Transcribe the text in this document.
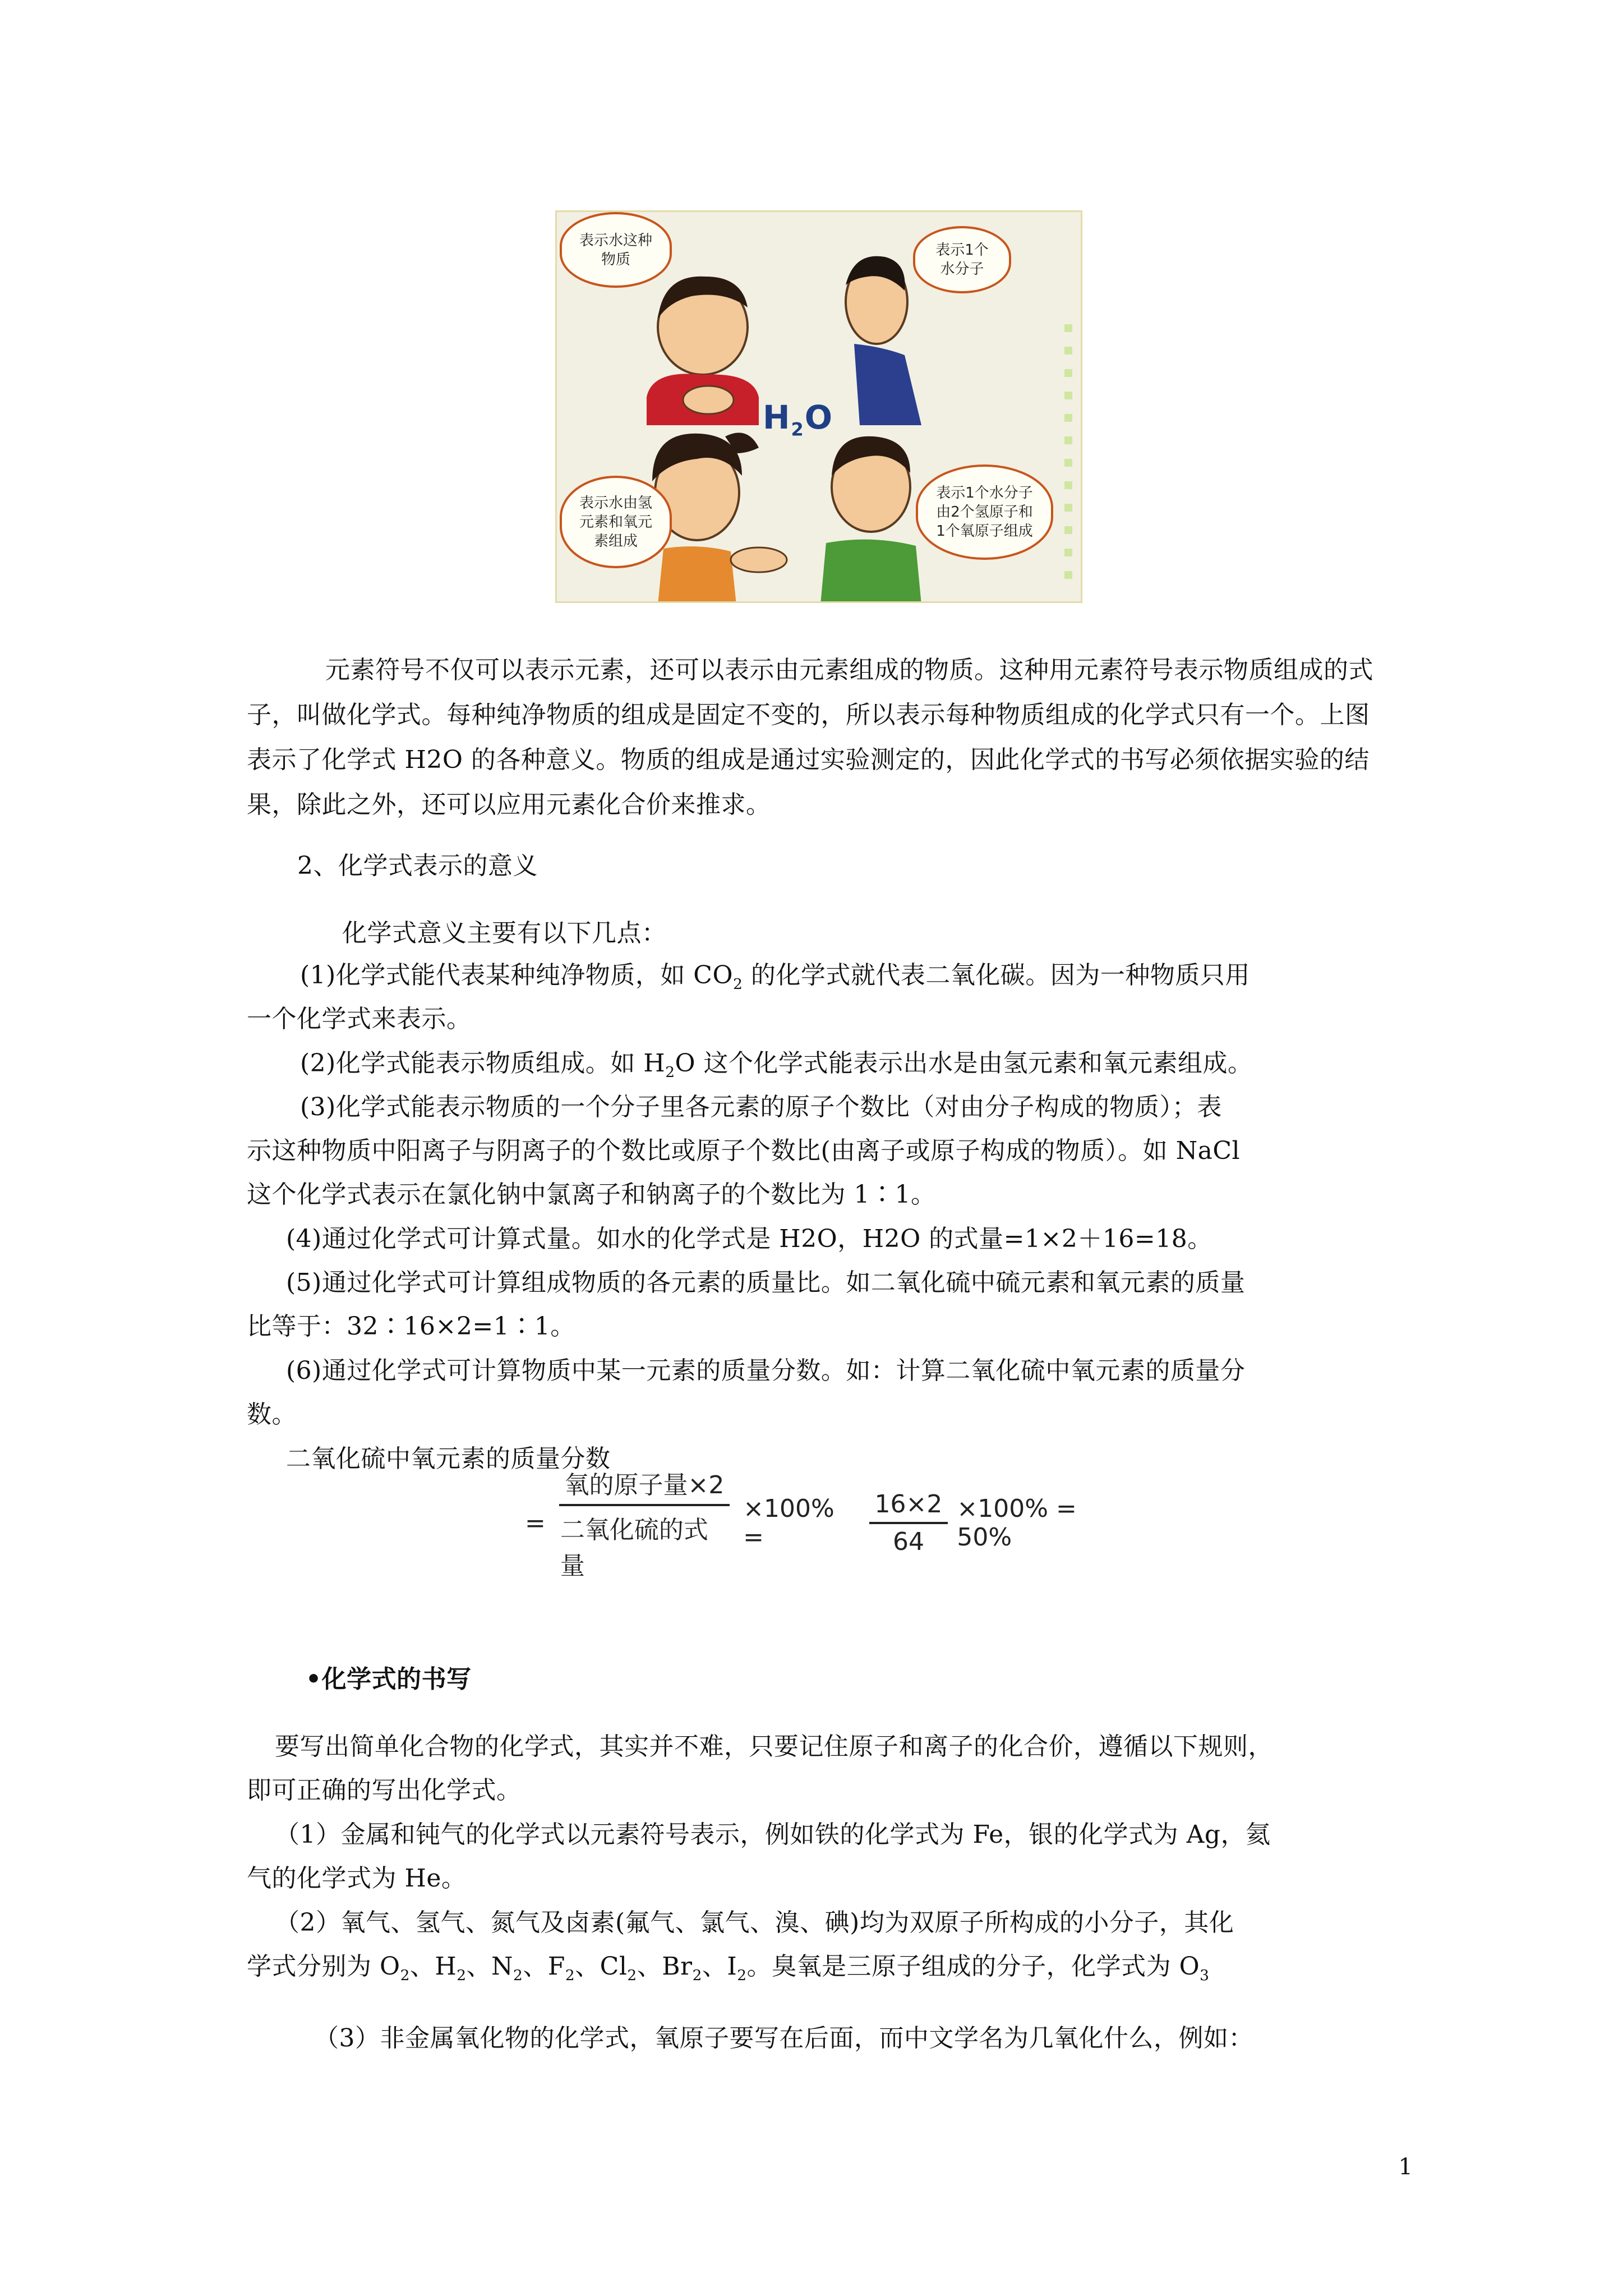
表示水这种
物质
表示1个
水分子
表示水由氢
元素和氧元
素组成
表示1个水分子
由2个氢原子和
1个氧原子组成
$H_2O$
元素符号不仅可以表示元素，还可以表示由元素组成的物质。这种用元素符号表示物质组成的式子，叫做化学式。每种纯净物质的组成是固定不变的，所以表示每种物质组成的化学式只有一个。上图表示了化学式 H2O 的各种意义。物质的组成是通过实验测定的，因此化学式的书写必须依据实验的结果，除此之外，还可以应用元素化合价来推求。
2、化学式表示的意义
化学式意义主要有以下几点：
(1)化学式能代表某种纯净物质，如 $CO_2$ 的化学式就代表二氧化碳。因为一种物质只用
一个化学式来表示。
(2)化学式能表示物质组成。如 $H_2O$ 这个化学式能表示出水是由氢元素和氧元素组成。
(3)化学式能表示物质的一个分子里各元素的原子个数比（对由分子构成的物质）；表
示这种物质中阳离子与阴离子的个数比或原子个数比(由离子或原子构成的物质）。如 NaCl
这个化学式表示在氯化钠中氯离子和钠离子的个数比为 1∶1。
(4)通过化学式可计算式量。如水的化学式是 H2O，H2O 的式量=1×2＋16=18。
(5)通过化学式可计算组成物质的各元素的质量比。如二氧化硫中硫元素和氧元素的质量
比等于：32∶16×2=1∶1。
(6)通过化学式可计算物质中某一元素的质量分数。如：计算二氧化硫中氧元素的质量分
数。
二氧化硫中氧元素的质量分数
= $\frac{\text{氧的原子量×2}}{\text{二氧化硫的式量}} \times 100\%$ =	$\frac{16\times 2}{64} \times 100\% = 50\%$
•化学式的书写
要写出简单化合物的化学式，其实并不难，只要记住原子和离子的化合价，遵循以下规则，
即可正确的写出化学式。
（1）金属和钝气的化学式以元素符号表示，例如铁的化学式为 Fe，银的化学式为 Ag，氦
气的化学式为 He。
（2）氧气、氢气、氮气及卤素(氟气、氯气、溴、碘)均为双原子所构成的小分子，其化
学式分别为 $O_2$、$H_2$、$N_2$、$F_2$、$Cl_2$、$Br_2$、$I_2$。臭氧是三原子组成的分子，化学式为 $O_3$
（3）非金属氧化物的化学式，氧原子要写在后面，而中文学名为几氧化什么，例如：
1
